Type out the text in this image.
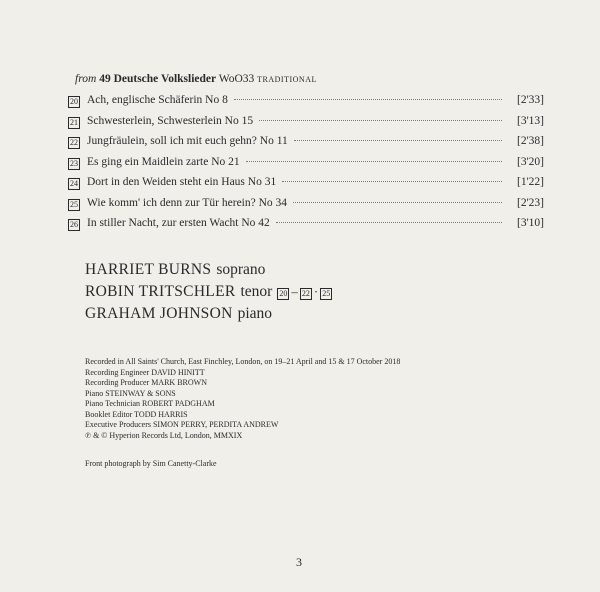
from 49 Deutsche Volkslieder WoO33 TRADITIONAL
20 Ach, englische Schäferin No 8	[2'33]
21 Schwesterlein, Schwesterlein No 15	[3'13]
22 Jungfräulein, soll ich mit euch gehn? No 11	[2'38]
23 Es ging ein Maidlein zarte No 21	[3'20]
24 Dort in den Weiden steht ein Haus No 31	[1'22]
25 Wie komm' ich denn zur Tür herein? No 34	[2'23]
26 In stiller Nacht, zur ersten Wacht No 42	[3'10]
HARRIET BURNS soprano
ROBIN TRITSCHLER tenor 20 – 22 · 25
GRAHAM JOHNSON piano
Recorded in All Saints' Church, East Finchley, London, on 19–21 April and 15 & 17 October 2018
Recording Engineer DAVID HINITT
Recording Producer MARK BROWN
Piano STEINWAY & SONS
Piano Technician ROBERT PADGHAM
Booklet Editor TODD HARRIS
Executive Producers SIMON PERRY, PERDITA ANDREW
℗ & © Hyperion Records Ltd, London, MMXIX
Front photograph by Sim Canetty-Clarke
3
